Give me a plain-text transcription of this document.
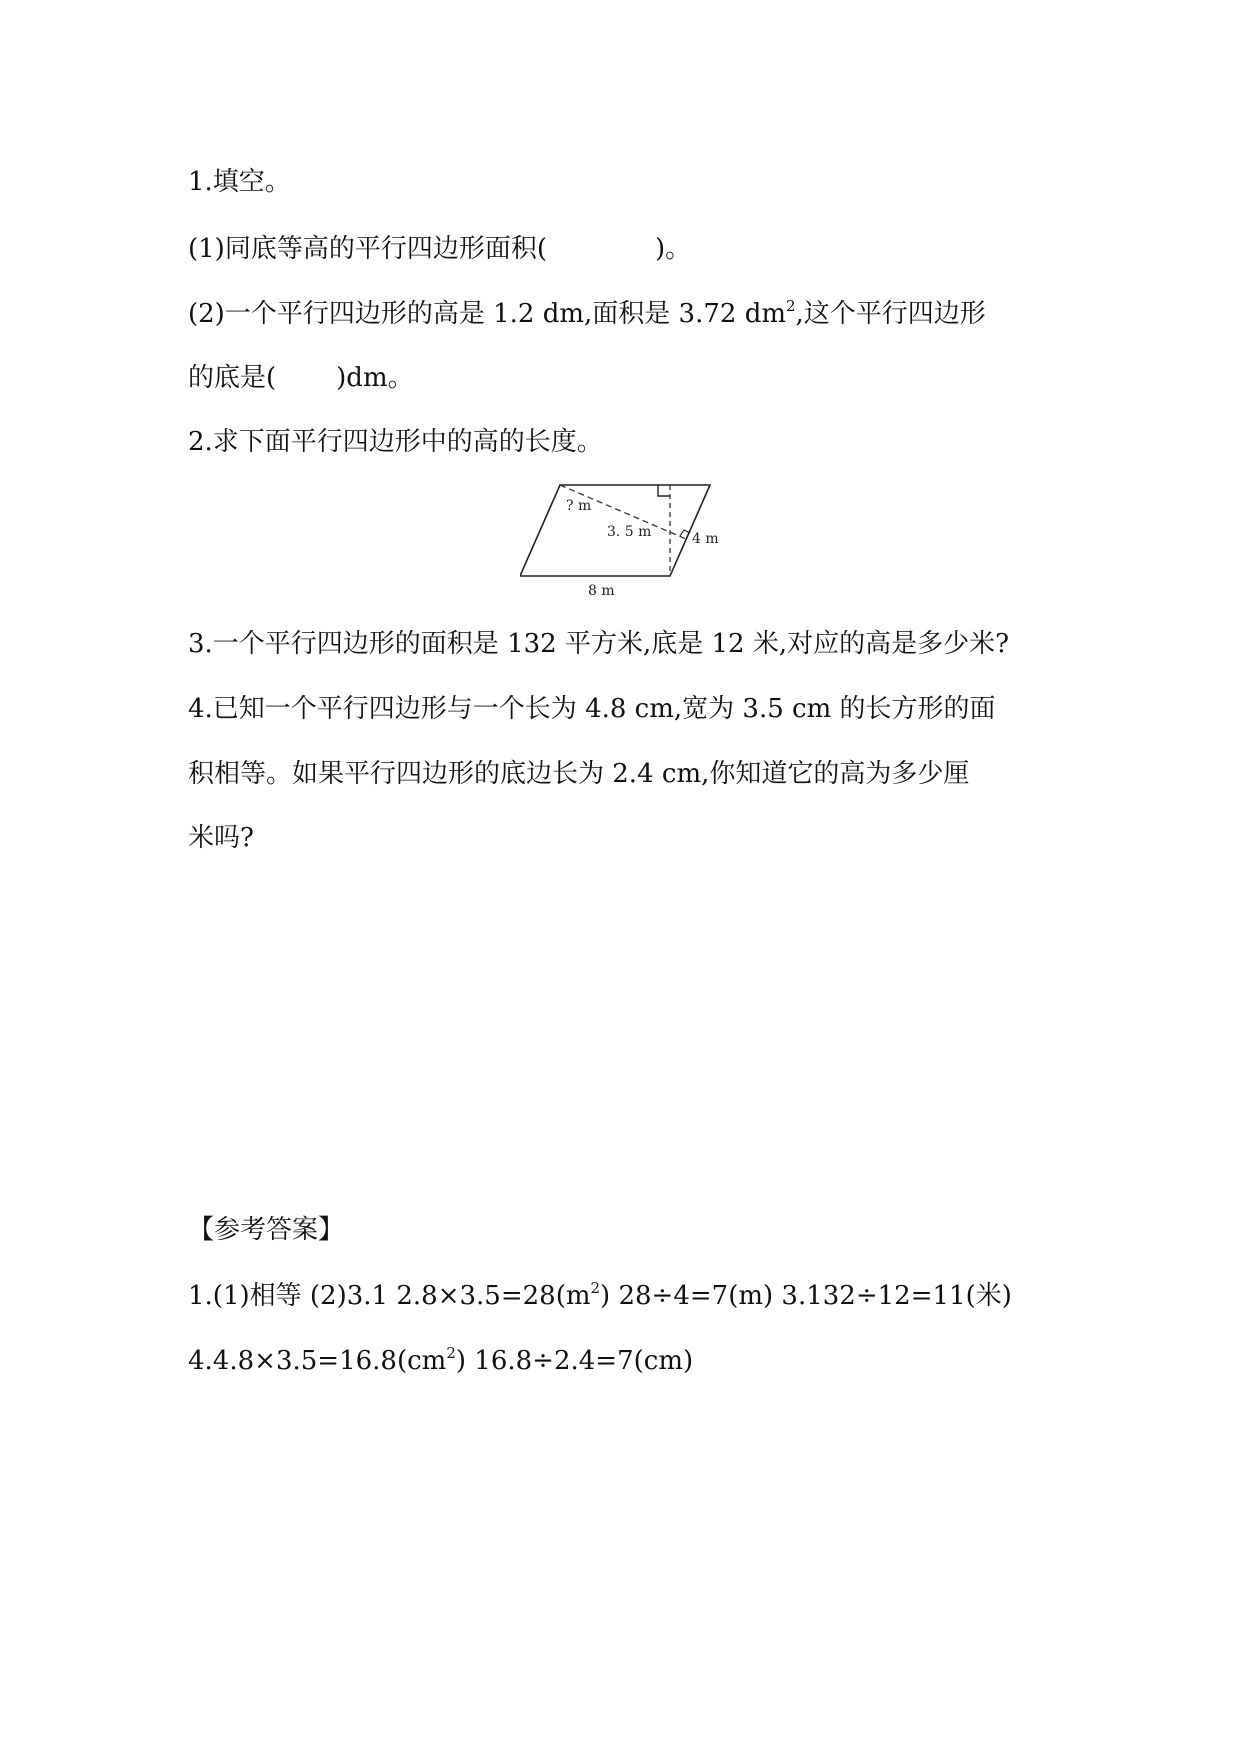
1.填空。

(1)同底等高的平行四边形面积(	)。

(2)一个平行四边形的高是 1.2 dm,面积是 3.72 $dm^2$,这个平行四边形

的底是( )dm。

2.求下面平行四边形中的高的长度。

? m
3. 5 m	4 m
8 m

3.一个平行四边形的面积是 132 平方米,底是 12 米,对应的高是多少米?

4.已知一个平行四边形与一个长为 4.8 cm,宽为 3.5 cm 的长方形的面

积相等。如果平行四边形的底边长为 2.4 cm,你知道它的高为多少厘

米吗?

【参考答案】

1.(1)相等 (2)3.1 $2.8\times 3.5=28(m^2)$ 28÷4=7(m) 3.132÷12=11(米)

$4.4.8\times 3.5=16.8(cm^2)$ 16.8÷2.4=7(cm)
